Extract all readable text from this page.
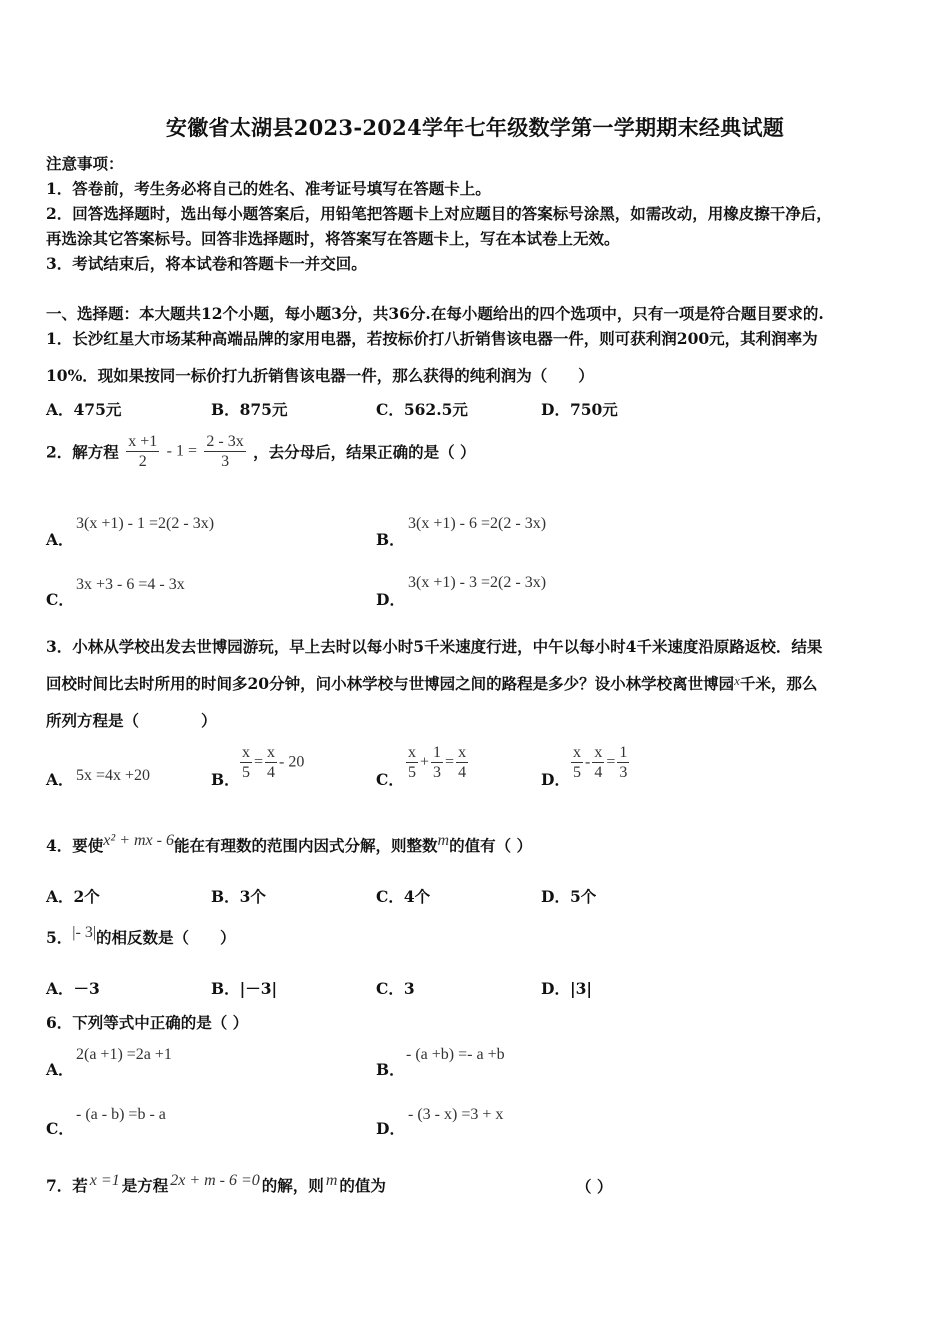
安徽省太湖县2023-2024学年七年级数学第一学期期末经典试题
注意事项：
1．答卷前，考生务必将自己的姓名、准考证号填写在答题卡上。
2．回答选择题时，选出每小题答案后，用铅笔把答题卡上对应题目的答案标号涂黑，如需改动，用橡皮擦干净后，
再选涂其它答案标号。回答非选择题时，将答案写在答题卡上，写在本试卷上无效。
3．考试结束后，将本试卷和答题卡一并交回。
一、选择题：本大题共12个小题，每小题3分，共36分.在每小题给出的四个选项中，只有一项是符合题目要求的.
1．长沙红星大市场某种高端品牌的家用电器，若按标价打八折销售该电器一件，则可获利润200元，其利润率为
10%．现如果按同一标价打九折销售该电器一件，那么获得的纯利润为（　　）
A．475元	B．875元	C．562.5元	D．750元
2．解方程 $\frac{x +1}{2} - 1 = \frac{2 - 3x}{3}$ ，去分母后，结果正确的是（ ）
A．
3(x +1) - 1 =2(2 - 3x)
B．
3(x +1) - 6 =2(2 - 3x)
C．
3x +3 - 6 =4 - 3x
D．
3(x +1) - 3 =2(2 - 3x)
3．小林从学校出发去世博园游玩，早上去时以每小时5千米速度行进，中午以每小时4千米速度沿原路返校．结果
回校时间比去时所用的时间多20分钟，问小林学校与世博园之间的路程是多少？设小林学校离世博园$^x$千米，那么
所列方程是（　　　　）
A． 5x =4x +20	B． $\frac{x}{5} = \frac{x}{4} - 20$
C． $\frac{x}{5} + \frac{1}{3} = \frac{x}{4}$	D． $\frac{x}{5} - \frac{x}{4} = \frac{1}{3}$
4．要使x² + mx - 6能在有理数的范围内因式分解，则整数m的值有（ ）
A．2个	B．3个	C．4个	D．5个
5．|- 3|的相反数是（　　）
A．－3	B．|－3|	C．3	D．|3|
6．下列等式中正确的是（ ）
A．
2(a +1) =2a +1
B．
- (a +b) =- a +b
C．
- (a - b) =b - a
D．
- (3 - x) =3 + x
7．若 x =1 是方程 2x + m - 6 =0 的解，则 m 的值为	（ ）
